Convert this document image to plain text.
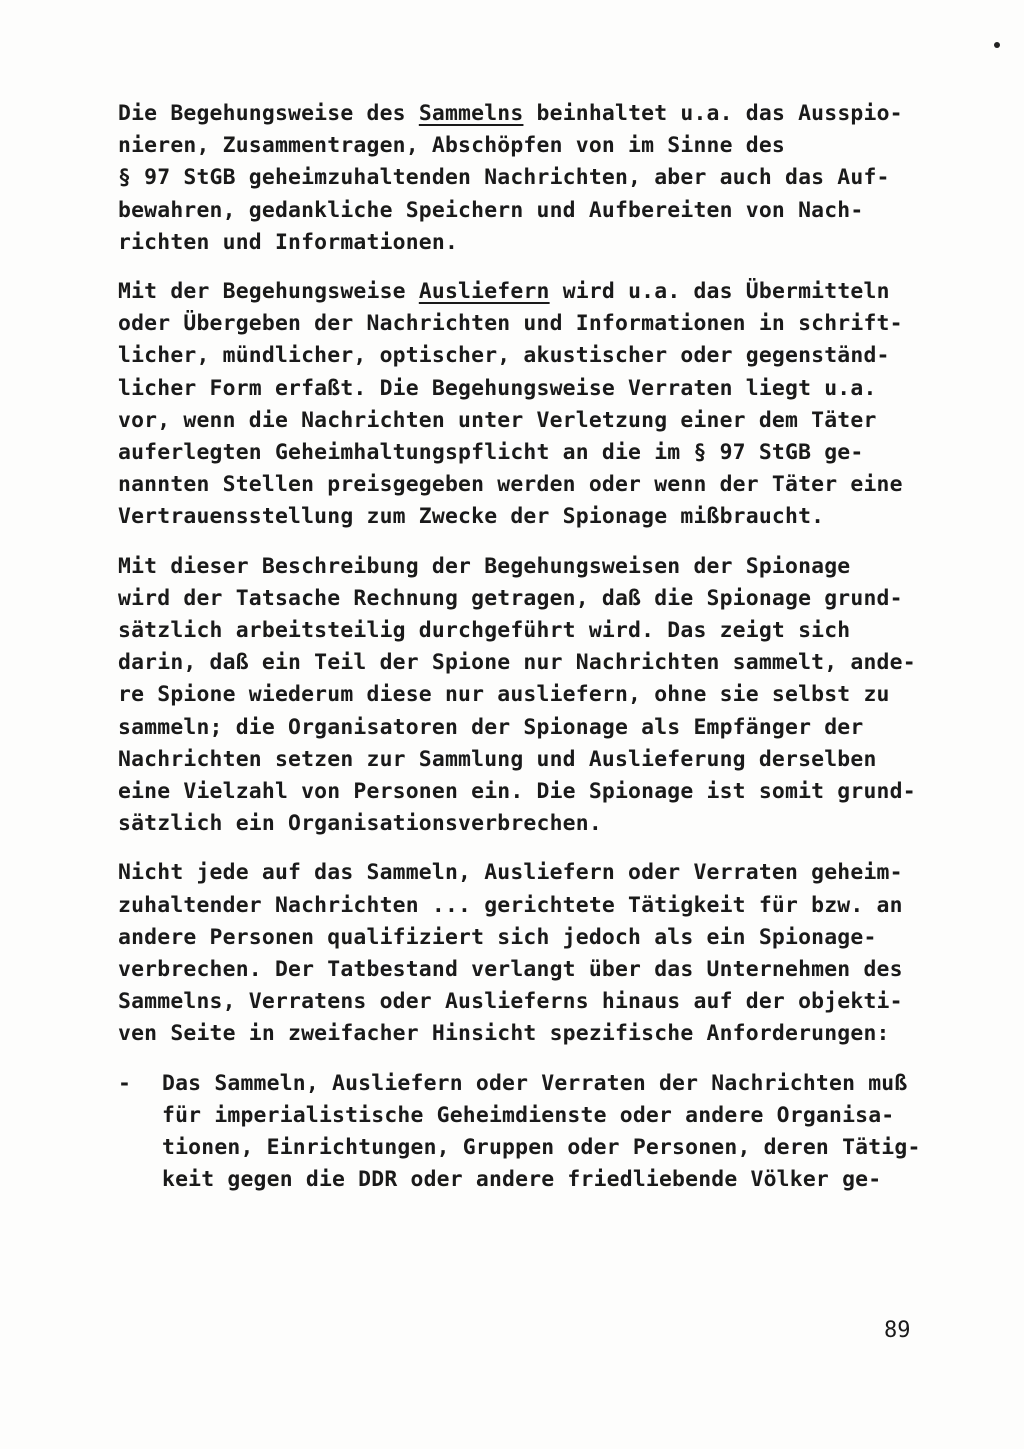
Die Begehungsweise des Sammelns beinhaltet u.a. das Ausspio-
nieren, Zusammentragen, Abschöpfen von im Sinne des
§ 97 StGB geheimzuhaltenden Nachrichten, aber auch das Auf-
bewahren, gedankliche Speichern und Aufbereiten von Nach-
richten und Informationen.
Mit der Begehungsweise Ausliefern wird u.a. das Übermitteln
oder Übergeben der Nachrichten und Informationen in schrift-
licher, mündlicher, optischer, akustischer oder gegenständ-
licher Form erfaßt. Die Begehungsweise Verraten liegt u.a.
vor, wenn die Nachrichten unter Verletzung einer dem Täter
auferlegten Geheimhaltungspflicht an die im § 97 StGB ge-
nannten Stellen preisgegeben werden oder wenn der Täter eine
Vertrauensstellung zum Zwecke der Spionage mißbraucht.
Mit dieser Beschreibung der Begehungsweisen der Spionage
wird der Tatsache Rechnung getragen, daß die Spionage grund-
sätzlich arbeitsteilig durchgeführt wird. Das zeigt sich
darin, daß ein Teil der Spione nur Nachrichten sammelt, ande-
re Spione wiederum diese nur ausliefern, ohne sie selbst zu
sammeln; die Organisatoren der Spionage als Empfänger der
Nachrichten setzen zur Sammlung und Auslieferung derselben
eine Vielzahl von Personen ein. Die Spionage ist somit grund-
sätzlich ein Organisationsverbrechen.
Nicht jede auf das Sammeln, Ausliefern oder Verraten geheim-
zuhaltender Nachrichten ... gerichtete Tätigkeit für bzw. an
andere Personen qualifiziert sich jedoch als ein Spionage-
verbrechen. Der Tatbestand verlangt über das Unternehmen des
Sammelns, Verratens oder Auslieferns hinaus auf der objekti-
ven Seite in zweifacher Hinsicht spezifische Anforderungen:
- Das Sammeln, Ausliefern oder Verraten der Nachrichten muß
für imperialistische Geheimdienste oder andere Organisa-
tionen, Einrichtungen, Gruppen oder Personen, deren Tätig-
keit gegen die DDR oder andere friedliebende Völker ge-
89
